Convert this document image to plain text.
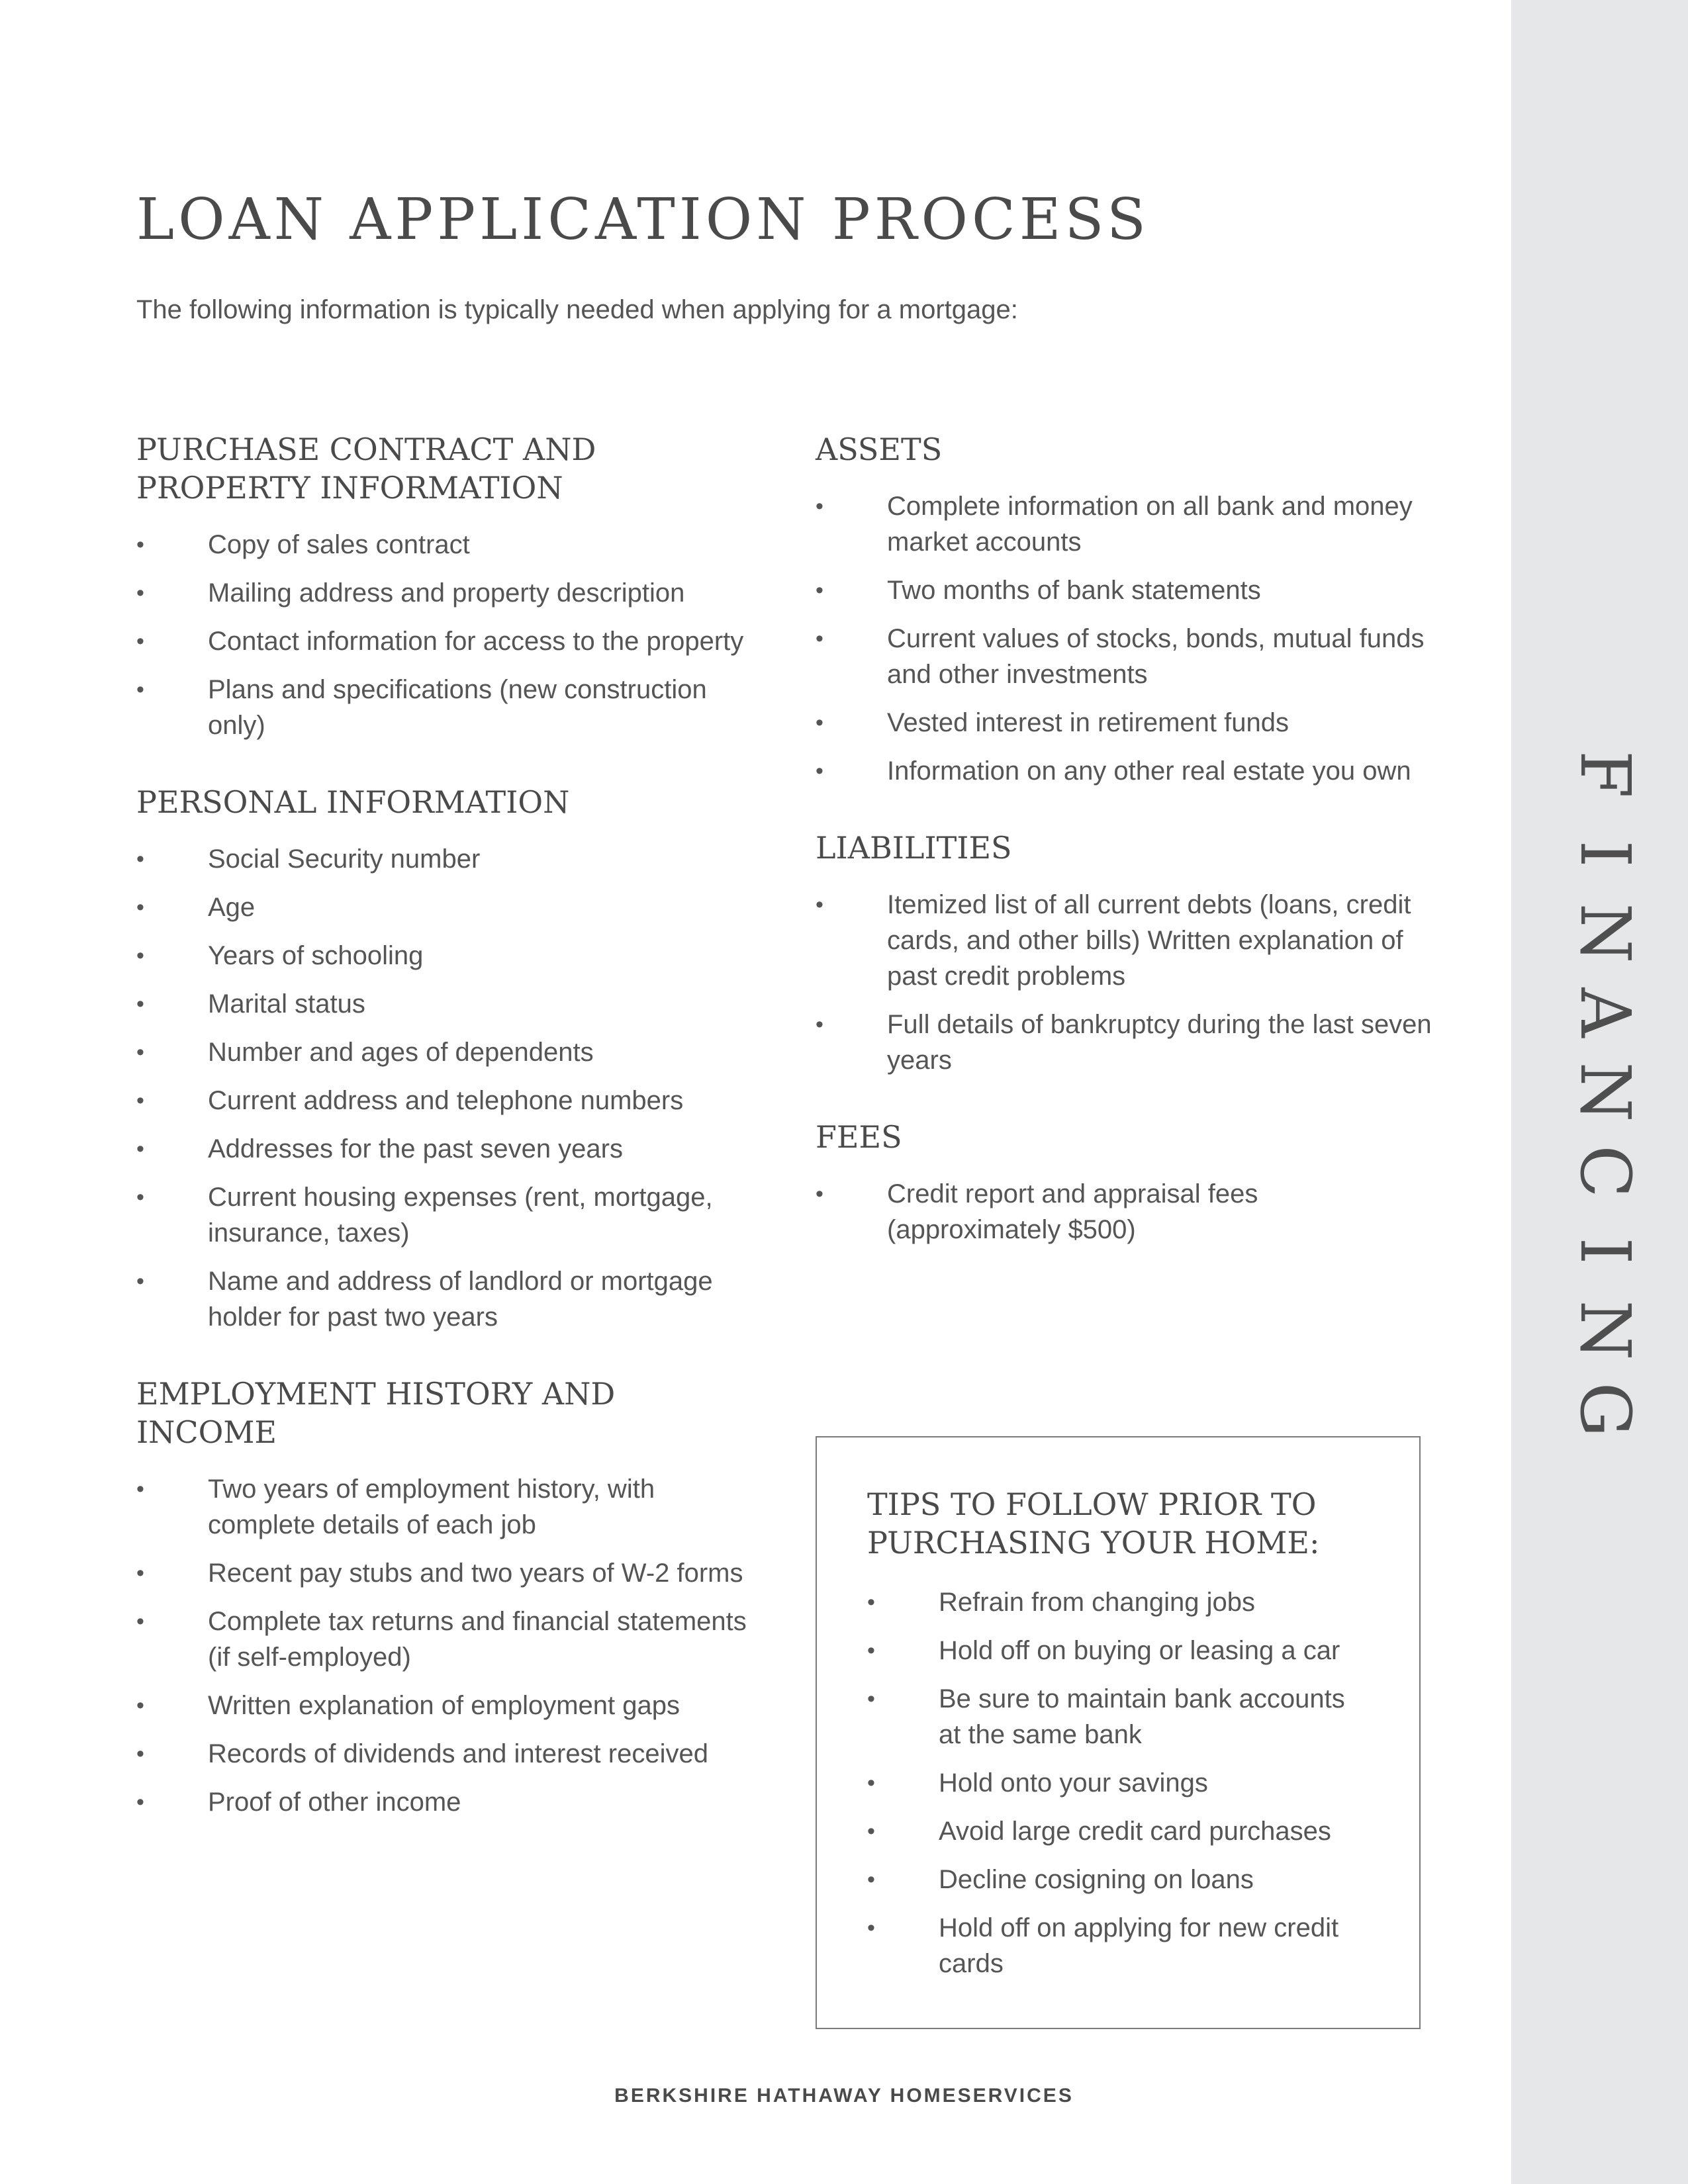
F
I
N
A
N
C
I
N
G
LOAN APPLICATION PROCESS

The following information is typically needed when applying for a mortgage:

PURCHASE CONTRACT AND PROPERTY INFORMATION
• Copy of sales contract
• Mailing address and property description
• Contact information for access to the property
• Plans and specifications (new construction only)
PERSONAL INFORMATION
• Social Security number
• Age
• Years of schooling
• Marital status
• Number and ages of dependents
• Current address and telephone numbers
• Addresses for the past seven years
• Current housing expenses (rent, mortgage, insurance, taxes)
• Name and address of landlord or mortgage holder for past two years
EMPLOYMENT HISTORY AND INCOME
• Two years of employment history, with complete details of each job
• Recent pay stubs and two years of W-2 forms
• Complete tax returns and financial statements (if self-employed)
• Written explanation of employment gaps
• Records of dividends and interest received
• Proof of other income
ASSETS
• Complete information on all bank and money market accounts
• Two months of bank statements
• Current values of stocks, bonds, mutual funds and other investments
• Vested interest in retirement funds
• Information on any other real estate you own
LIABILITIES
• Itemized list of all current debts (loans, credit cards, and other bills) Written explanation of past credit problems
• Full details of bankruptcy during the last seven years
FEES
• Credit report and appraisal fees (approximately $500)
TIPS TO FOLLOW PRIOR TO PURCHASING YOUR HOME:
• Refrain from changing jobs
• Hold off on buying or leasing a car
• Be sure to maintain bank accounts at the same bank
• Hold onto your savings
• Avoid large credit card purchases
• Decline cosigning on loans
• Hold off on applying for new credit cards
BERKSHIRE HATHAWAY HOMESERVICES
